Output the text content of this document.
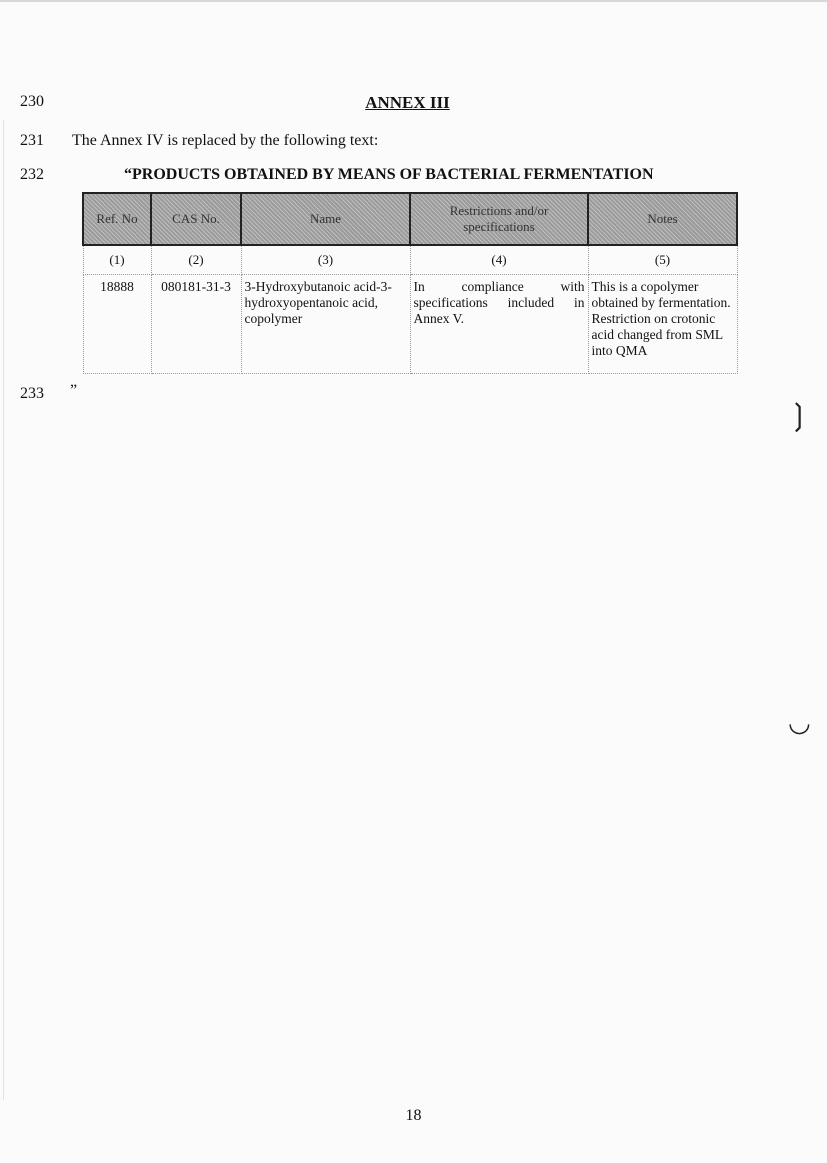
230	ANNEX III
231 The Annex IV is replaced by the following text:
232	“PRODUCTS OBTAINED BY MEANS OF BACTERIAL FERMENTATION
Ref. No	CAS No.	Name	Restrictions and/or specifications	Notes
(1)	(2)	(3)	(4)	(5)
18888	080181-31-3	3-Hydroxybutanoic acid-3-hydroxyopentanoic acid, copolymer	In compliance with specifications included in Annex V.	This is a copolymer obtained by fermentation. Restriction on crotonic acid changed from SML into QMA
233 ”
❳
◡
18
